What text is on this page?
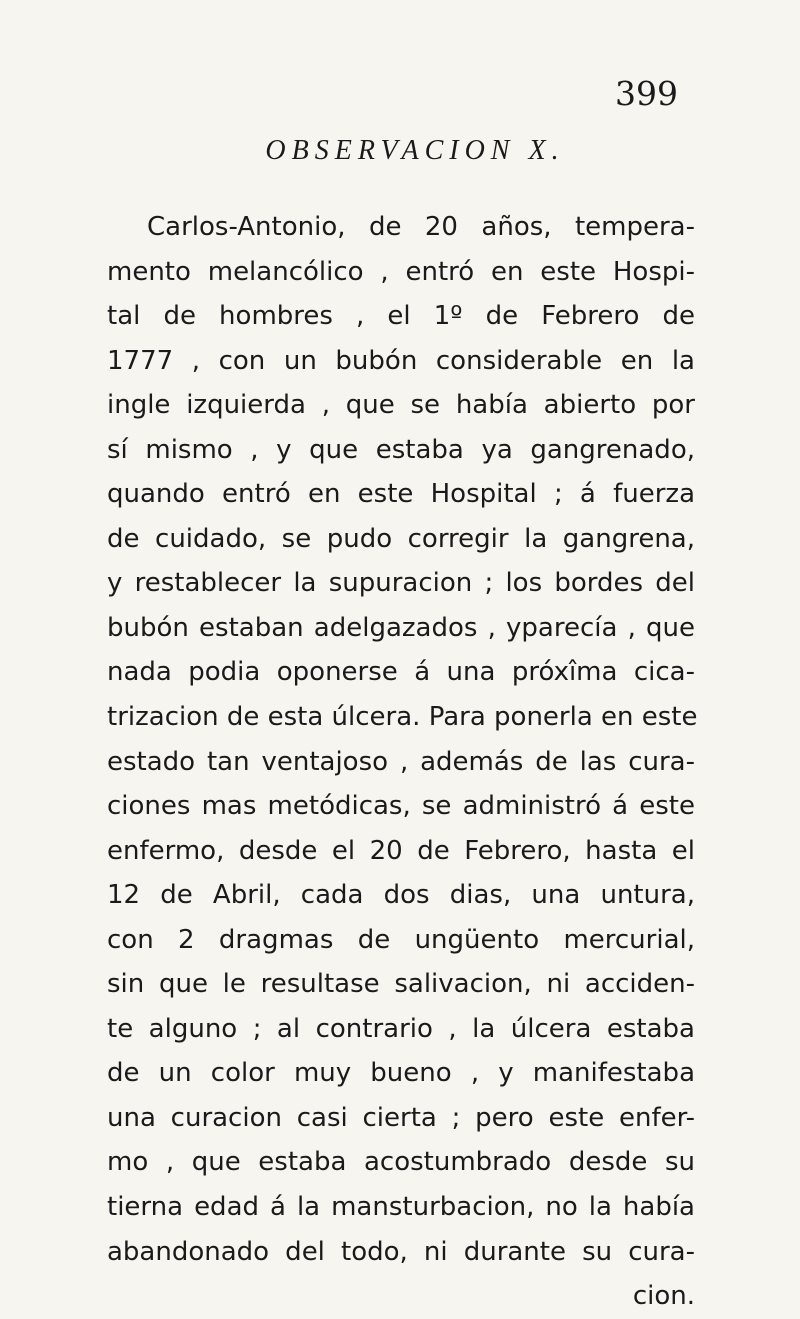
399
OBSERVACION X.
Carlos-Antonio, de 20 años, tempera-
mento melancólico , entró en este Hospi-
tal de hombres , el 1º de Febrero de
1777 , con un bubón considerable en la
ingle izquierda , que se había abierto por
sí mismo , y que estaba ya gangrenado,
quando entró en este Hospital ; á fuerza
de cuidado, se pudo corregir la gangrena,
y restablecer la supuracion ; los bordes del
bubón estaban adelgazados , yparecía , que
nada podia oponerse á una próxîma cica-
trizacion de esta úlcera. Para ponerla en este
estado tan ventajoso , además de las cura-
ciones mas metódicas, se administró á este
enfermo, desde el 20 de Febrero, hasta el
12 de Abril, cada dos dias, una untura,
con 2 dragmas de ungüento mercurial,
sin que le resultase salivacion, ni acciden-
te alguno ; al contrario , la úlcera estaba
de un color muy bueno , y manifestaba
una curacion casi cierta ; pero este enfer-
mo , que estaba acostumbrado desde su
tierna edad á la mansturbacion, no la había
abandonado del todo, ni durante su cura-
cion.
